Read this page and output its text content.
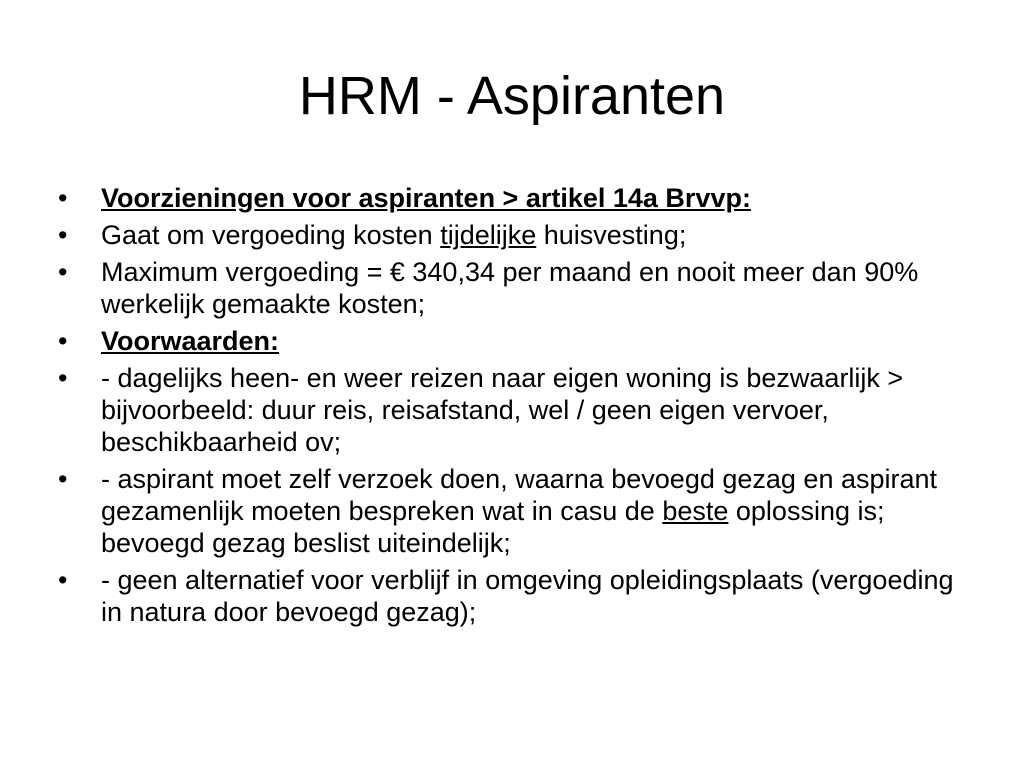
HRM - Aspiranten
•	Voorzieningen voor aspiranten > artikel 14a Brvvp:
•	Gaat om vergoeding kosten tijdelijke huisvesting;
•	Maximum vergoeding = € 340,34 per maand en nooit meer dan 90% werkelijk gemaakte kosten;
•	Voorwaarden:
•	- dagelijks heen- en weer reizen naar eigen woning is bezwaarlijk > bijvoorbeeld: duur reis, reisafstand, wel / geen eigen vervoer, beschikbaarheid ov;
•	- aspirant moet zelf verzoek doen, waarna bevoegd gezag en aspirant gezamenlijk moeten bespreken wat in casu de beste oplossing is; bevoegd gezag beslist uiteindelijk;
•	- geen alternatief voor verblijf in omgeving opleidingsplaats (vergoeding in natura door bevoegd gezag);
